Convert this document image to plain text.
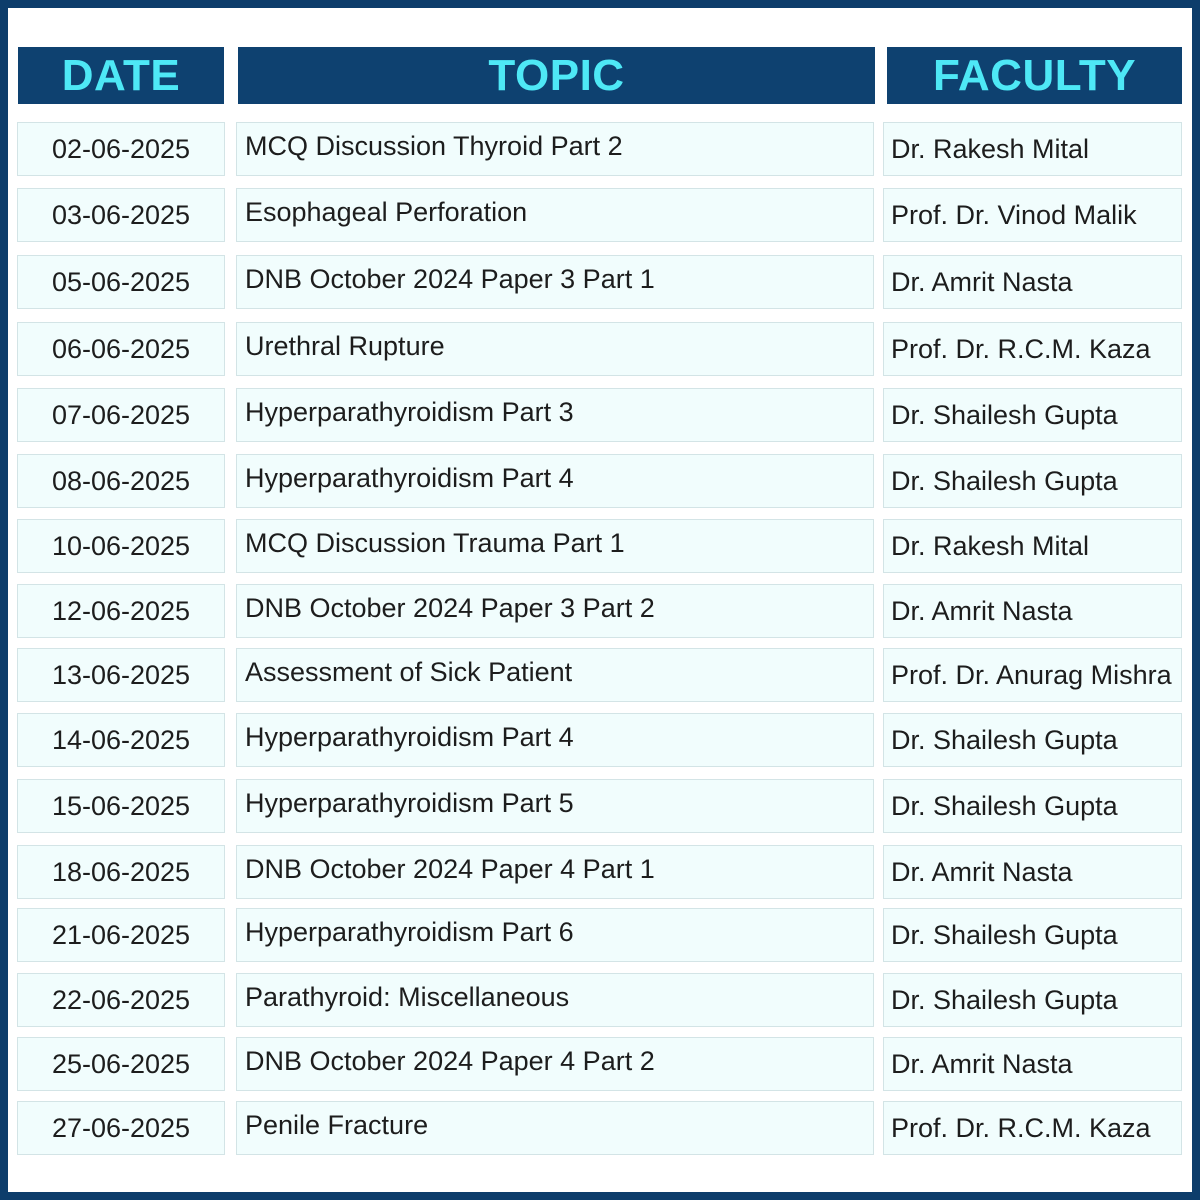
DATE	TOPIC	FACULTY
02-06-2025	MCQ Discussion Thyroid Part 2	Dr. Rakesh Mital
03-06-2025	Esophageal Perforation	Prof. Dr. Vinod Malik
05-06-2025	DNB October 2024 Paper 3 Part 1	Dr. Amrit Nasta
06-06-2025	Urethral Rupture	Prof. Dr. R.C.M. Kaza
07-06-2025	Hyperparathyroidism Part 3	Dr. Shailesh Gupta
08-06-2025	Hyperparathyroidism Part 4	Dr. Shailesh Gupta
10-06-2025	MCQ Discussion Trauma Part 1	Dr. Rakesh Mital
12-06-2025	DNB October 2024 Paper 3 Part 2	Dr. Amrit Nasta
13-06-2025	Assessment of Sick Patient	Prof. Dr. Anurag Mishra
14-06-2025	Hyperparathyroidism Part 4	Dr. Shailesh Gupta
15-06-2025	Hyperparathyroidism Part 5	Dr. Shailesh Gupta
18-06-2025	DNB October 2024 Paper 4 Part 1	Dr. Amrit Nasta
21-06-2025	Hyperparathyroidism Part 6	Dr. Shailesh Gupta
22-06-2025	Parathyroid: Miscellaneous	Dr. Shailesh Gupta
25-06-2025	DNB October 2024 Paper 4 Part 2	Dr. Amrit Nasta
27-06-2025	Penile Fracture	Prof. Dr. R.C.M. Kaza
